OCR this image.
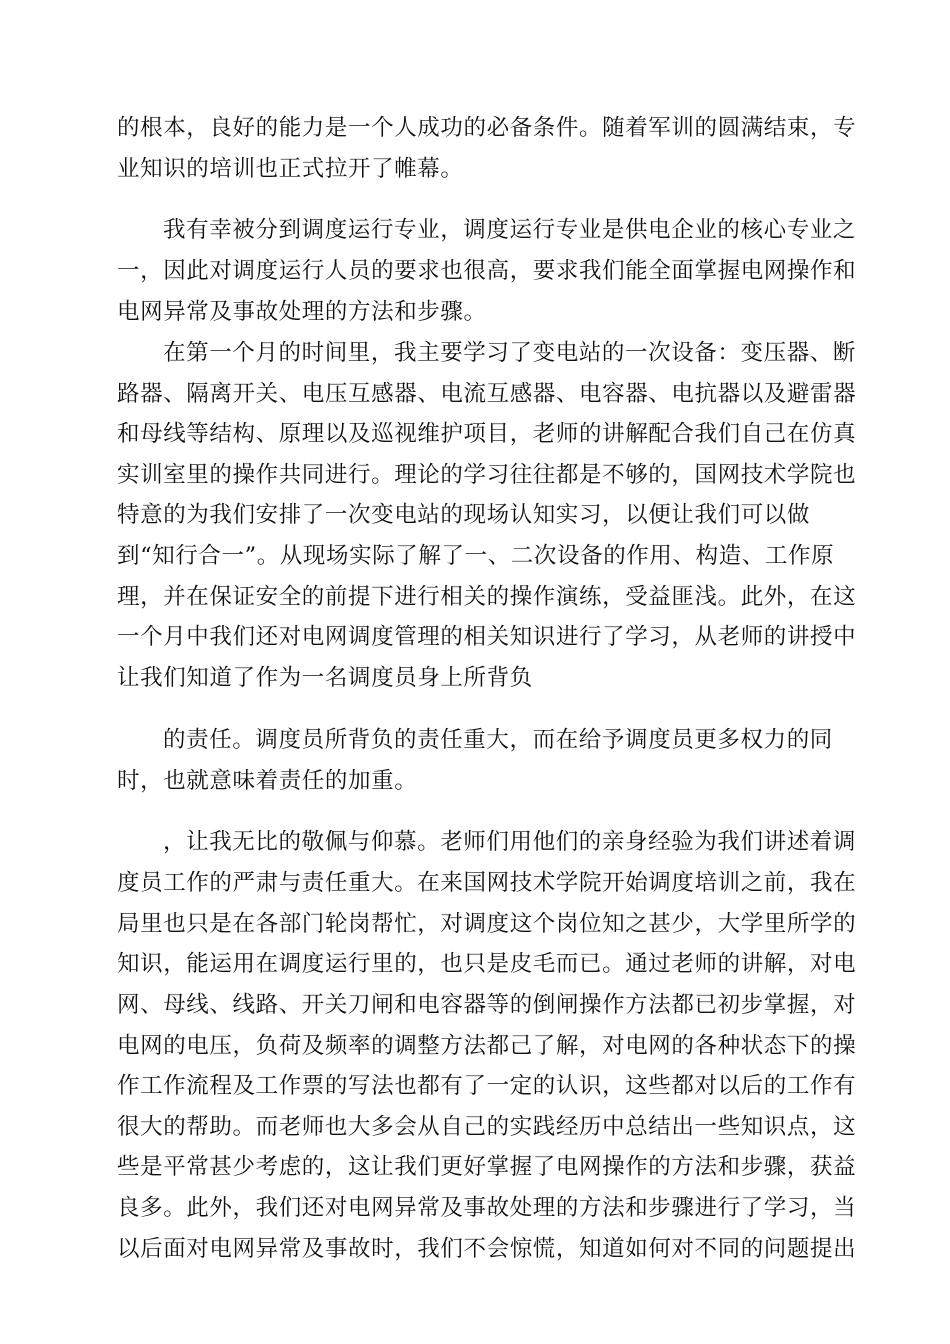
的根本，良好的能力是一个人成功的必备条件。随着军训的圆满结束，专
业知识的培训也正式拉开了帷幕。
我有幸被分到调度运行专业，调度运行专业是供电企业的核心专业之
一，因此对调度运行人员的要求也很高，要求我们能全面掌握电网操作和
电网异常及事故处理的方法和步骤。
在第一个月的时间里，我主要学习了变电站的一次设备：变压器、断
路器、隔离开关、电压互感器、电流互感器、电容器、电抗器以及避雷器
和母线等结构、原理以及巡视维护项目，老师的讲解配合我们自己在仿真
实训室里的操作共同进行。理论的学习往往都是不够的，国网技术学院也
特意的为我们安排了一次变电站的现场认知实习，以便让我们可以做
到“知行合一”。从现场实际了解了一、二次设备的作用、构造、工作原
理，并在保证安全的前提下进行相关的操作演练，受益匪浅。此外，在这
一个月中我们还对电网调度管理的相关知识进行了学习，从老师的讲授中
让我们知道了作为一名调度员身上所背负
的责任。调度员所背负的责任重大，而在给予调度员更多权力的同
时，也就意味着责任的加重。
，让我无比的敬佩与仰慕。老师们用他们的亲身经验为我们讲述着调
度员工作的严肃与责任重大。在来国网技术学院开始调度培训之前，我在
局里也只是在各部门轮岗帮忙，对调度这个岗位知之甚少，大学里所学的
知识，能运用在调度运行里的，也只是皮毛而已。通过老师的讲解，对电
网、母线、线路、开关刀闸和电容器等的倒闸操作方法都已初步掌握，对
电网的电压，负荷及频率的调整方法都己了解，对电网的各种状态下的操
作工作流程及工作票的写法也都有了一定的认识，这些都对以后的工作有
很大的帮助。而老师也大多会从自己的实践经历中总结出一些知识点，这
些是平常甚少考虑的，这让我们更好掌握了电网操作的方法和步骤，获益
良多。此外，我们还对电网异常及事故处理的方法和步骤进行了学习，当
以后面对电网异常及事故时，我们不会惊慌，知道如何对不同的问题提出
